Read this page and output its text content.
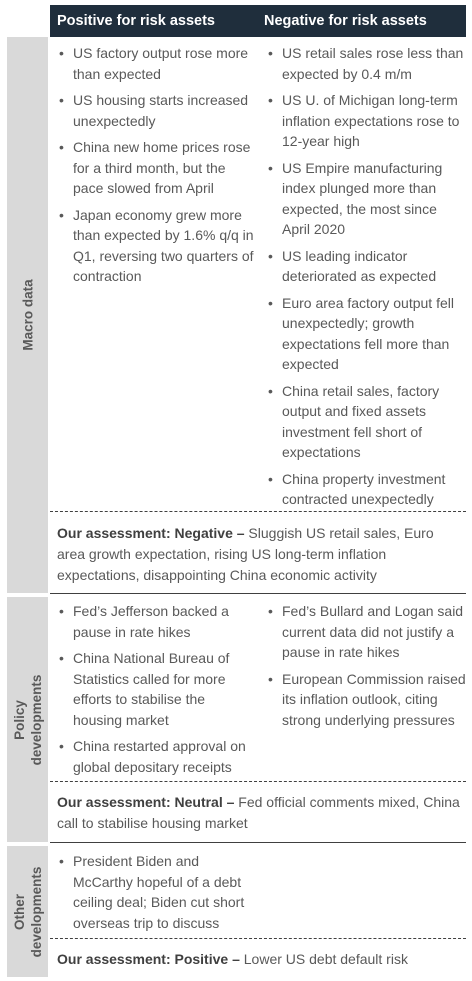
Positive for risk assets	Negative for risk assets
Macro data
• US factory output rose more than expected
• US housing starts increased unexpectedly
• China new home prices rose for a third month, but the pace slowed from April
• Japan economy grew more than expected by 1.6% q/q in Q1, reversing two quarters of contraction
• US retail sales rose less than expected by 0.4 m/m
• US U. of Michigan long-term inflation expectations rose to 12-year high
• US Empire manufacturing index plunged more than expected, the most since April 2020
• US leading indicator deteriorated as expected
• Euro area factory output fell unexpectedly; growth expectations fell more than expected
• China retail sales, factory output and fixed assets investment fell short of expectations
• China property investment contracted unexpectedly
Our assessment: Negative – Sluggish US retail sales, Euro area growth expectation, rising US long-term inflation expectations, disappointing China economic activity
Policy developments
• Fed’s Jefferson backed a pause in rate hikes
• China National Bureau of Statistics called for more efforts to stabilise the housing market
• China restarted approval on global depositary receipts
• Fed’s Bullard and Logan said current data did not justify a pause in rate hikes
• European Commission raised its inflation outlook, citing strong underlying pressures
Our assessment: Neutral – Fed official comments mixed, China call to stabilise housing market
Other developments
• President Biden and McCarthy hopeful of a debt ceiling deal; Biden cut short overseas trip to discuss
Our assessment: Positive – Lower US debt default risk
